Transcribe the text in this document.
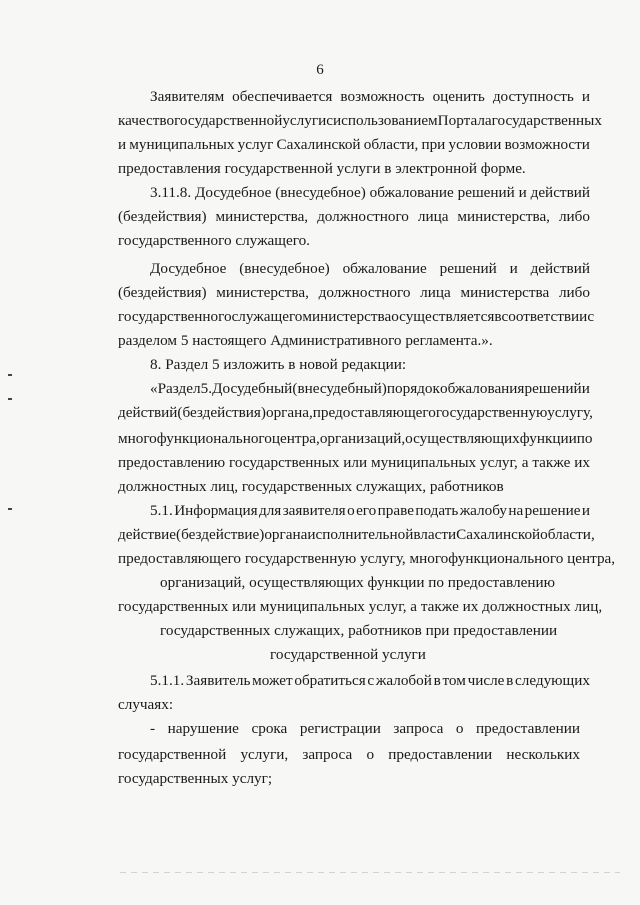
6
Заявителям обеспечивается возможность оценить доступность и
качество государственной услуги с использованием Портала государственных
и муниципальных услуг Сахалинской области, при условии возможности
предоставления государственной услуги в электронной форме.
3.11.8. Досудебное (внесудебное) обжалование решений и действий
(бездействия) министерства, должностного лица министерства, либо
государственного служащего.
Досудебное (внесудебное) обжалование решений и действий
(бездействия) министерства, должностного лица министерства либо
государственного служащего министерства осуществляется в соответствии с
разделом 5 настоящего Административного регламента.».
8. Раздел 5 изложить в новой редакции:
«Раздел 5. Досудебный (внесудебный) порядок обжалования решений и
действий (бездействия) органа, предоставляющего государственную услугу,
многофункционального центра, организаций, осуществляющих функции по
предоставлению государственных или муниципальных услуг, а также их
должностных лиц, государственных служащих, работников
5.1. Информация для заявителя о его праве подать жалобу на решение и
действие (бездействие) органа исполнительной власти Сахалинской области,
предоставляющего государственную услугу, многофункционального центра,
организаций, осуществляющих функции по предоставлению
государственных или муниципальных услуг, а также их должностных лиц,
государственных служащих, работников при предоставлении
государственной услуги
5.1.1. Заявитель может обратиться с жалобой в том числе в следующих
случаях:
- нарушение срока регистрации запроса о предоставлении
государственной услуги, запроса о предоставлении нескольких
государственных услуг;
